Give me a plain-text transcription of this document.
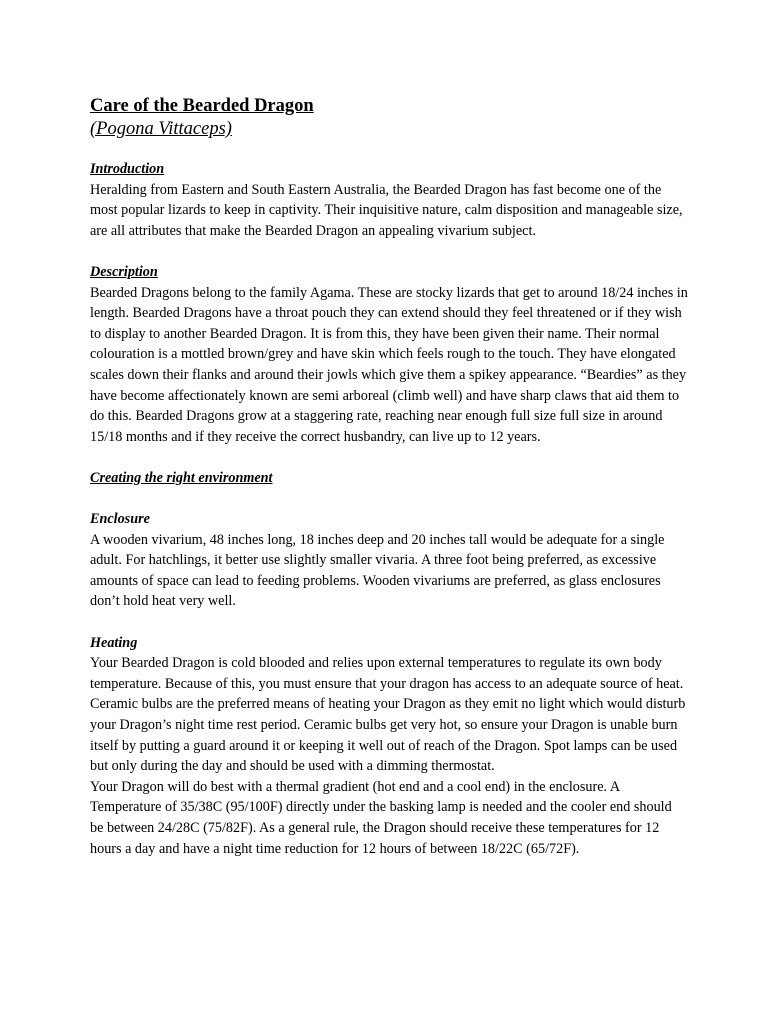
Care of the Bearded Dragon

(Pogona Vittaceps)

Introduction

Heralding from Eastern and South Eastern Australia, the Bearded Dragon has fast become one of the most popular lizards to keep in captivity. Their inquisitive nature, calm disposition and manageable size, are all attributes that make the Bearded Dragon an appealing vivarium subject.

Description

Bearded Dragons belong to the family Agama. These are stocky lizards that get to around 18/24 inches in length. Bearded Dragons have a throat pouch they can extend should they feel threatened or if they wish to display to another Bearded Dragon. It is from this, they have been given their name. Their normal colouration is a mottled brown/grey and have skin which feels rough to the touch. They have elongated scales down their flanks and around their jowls which give them a spikey appearance. “Beardies” as they have become affectionately known are semi arboreal (climb well) and have sharp claws that aid them to do this. Bearded Dragons grow at a staggering rate, reaching near enough full size full size in around 15/18 months and if they receive the correct husbandry, can live up to 12 years.

Creating the right environment

Enclosure

A wooden vivarium, 48 inches long, 18 inches deep and 20 inches tall would be adequate for a single adult. For hatchlings, it better use slightly smaller vivaria. A three foot being preferred, as excessive amounts of space can lead to feeding problems. Wooden vivariums are preferred, as glass enclosures don’t hold heat very well.

Heating

Your Bearded Dragon is cold blooded and relies upon external temperatures to regulate its own body temperature. Because of this, you must ensure that your dragon has access to an adequate source of heat. Ceramic bulbs are the preferred means of heating your Dragon as they emit no light which would disturb your Dragon’s night time rest period. Ceramic bulbs get very hot, so ensure your Dragon is unable burn itself by putting a guard around it or keeping it well out of reach of the Dragon. Spot lamps can be used but only during the day and should be used with a dimming thermostat.

Your Dragon will do best with a thermal gradient (hot end and a cool end) in the enclosure. A Temperature of 35/38C (95/100F) directly under the basking lamp is needed and the cooler end should be between 24/28C (75/82F). As a general rule, the Dragon should receive these temperatures for 12 hours a day and have a night time reduction for 12 hours of between 18/22C (65/72F).
